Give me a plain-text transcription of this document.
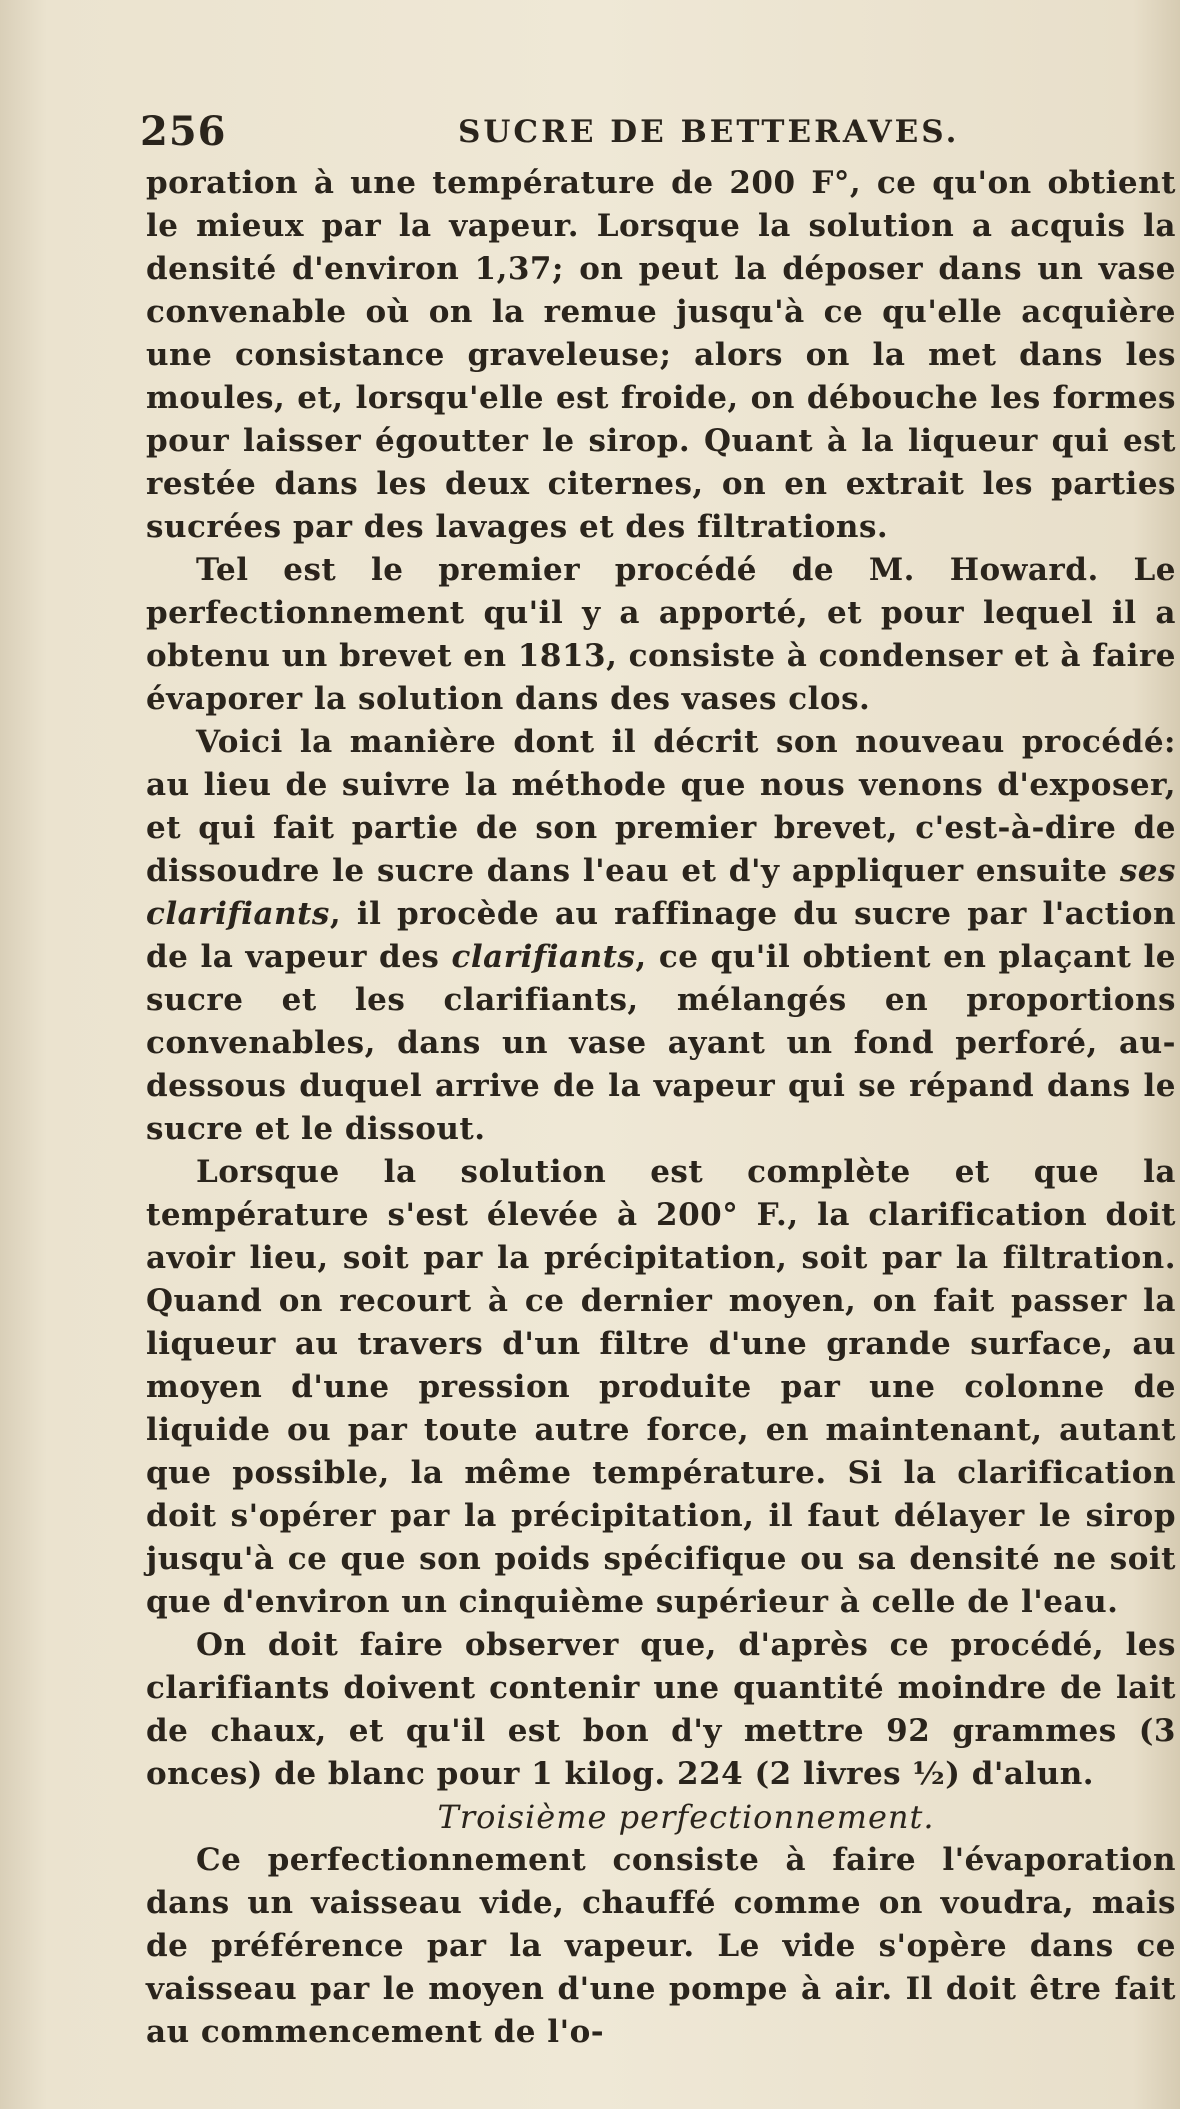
256	SUCRE DE BETTERAVES.

poration à une température de 200 F°, ce qu'on obtient le mieux par la vapeur. Lorsque la solution a acquis la densité d'environ 1,37; on peut la déposer dans un vase convenable où on la remue jusqu'à ce qu'elle acquière une consistance graveleuse; alors on la met dans les moules, et, lorsqu'elle est froide, on débouche les formes pour laisser égoutter le sirop. Quant à la liqueur qui est restée dans les deux citernes, on en extrait les parties sucrées par des lavages et des filtrations.

Tel est le premier procédé de M. Howard. Le perfectionnement qu'il y a apporté, et pour lequel il a obtenu un brevet en 1813, consiste à condenser et à faire évaporer la solution dans des vases clos.

Voici la manière dont il décrit son nouveau procédé: au lieu de suivre la méthode que nous venons d'exposer, et qui fait partie de son premier brevet, c'est-à-dire de dissoudre le sucre dans l'eau et d'y appliquer ensuite ses clarifiants, il procède au raffinage du sucre par l'action de la vapeur des clarifiants, ce qu'il obtient en plaçant le sucre et les clarifiants, mélangés en proportions convenables, dans un vase ayant un fond perforé, au-dessous duquel arrive de la vapeur qui se répand dans le sucre et le dissout.

Lorsque la solution est complète et que la température s'est élevée à 200° F., la clarification doit avoir lieu, soit par la précipitation, soit par la filtration. Quand on recourt à ce dernier moyen, on fait passer la liqueur au travers d'un filtre d'une grande surface, au moyen d'une pression produite par une colonne de liquide ou par toute autre force, en maintenant, autant que possible, la même température. Si la clarification doit s'opérer par la précipitation, il faut délayer le sirop jusqu'à ce que son poids spécifique ou sa densité ne soit que d'environ un cinquième supérieur à celle de l'eau.

On doit faire observer que, d'après ce procédé, les clarifiants doivent contenir une quantité moindre de lait de chaux, et qu'il est bon d'y mettre 92 grammes (3 onces) de blanc pour 1 kilog. 224 (2 livres ½) d'alun.

Troisième perfectionnement.

Ce perfectionnement consiste à faire l'évaporation dans un vaisseau vide, chauffé comme on voudra, mais de préférence par la vapeur. Le vide s'opère dans ce vaisseau par le moyen d'une pompe à air. Il doit être fait au commencement de l'o-
